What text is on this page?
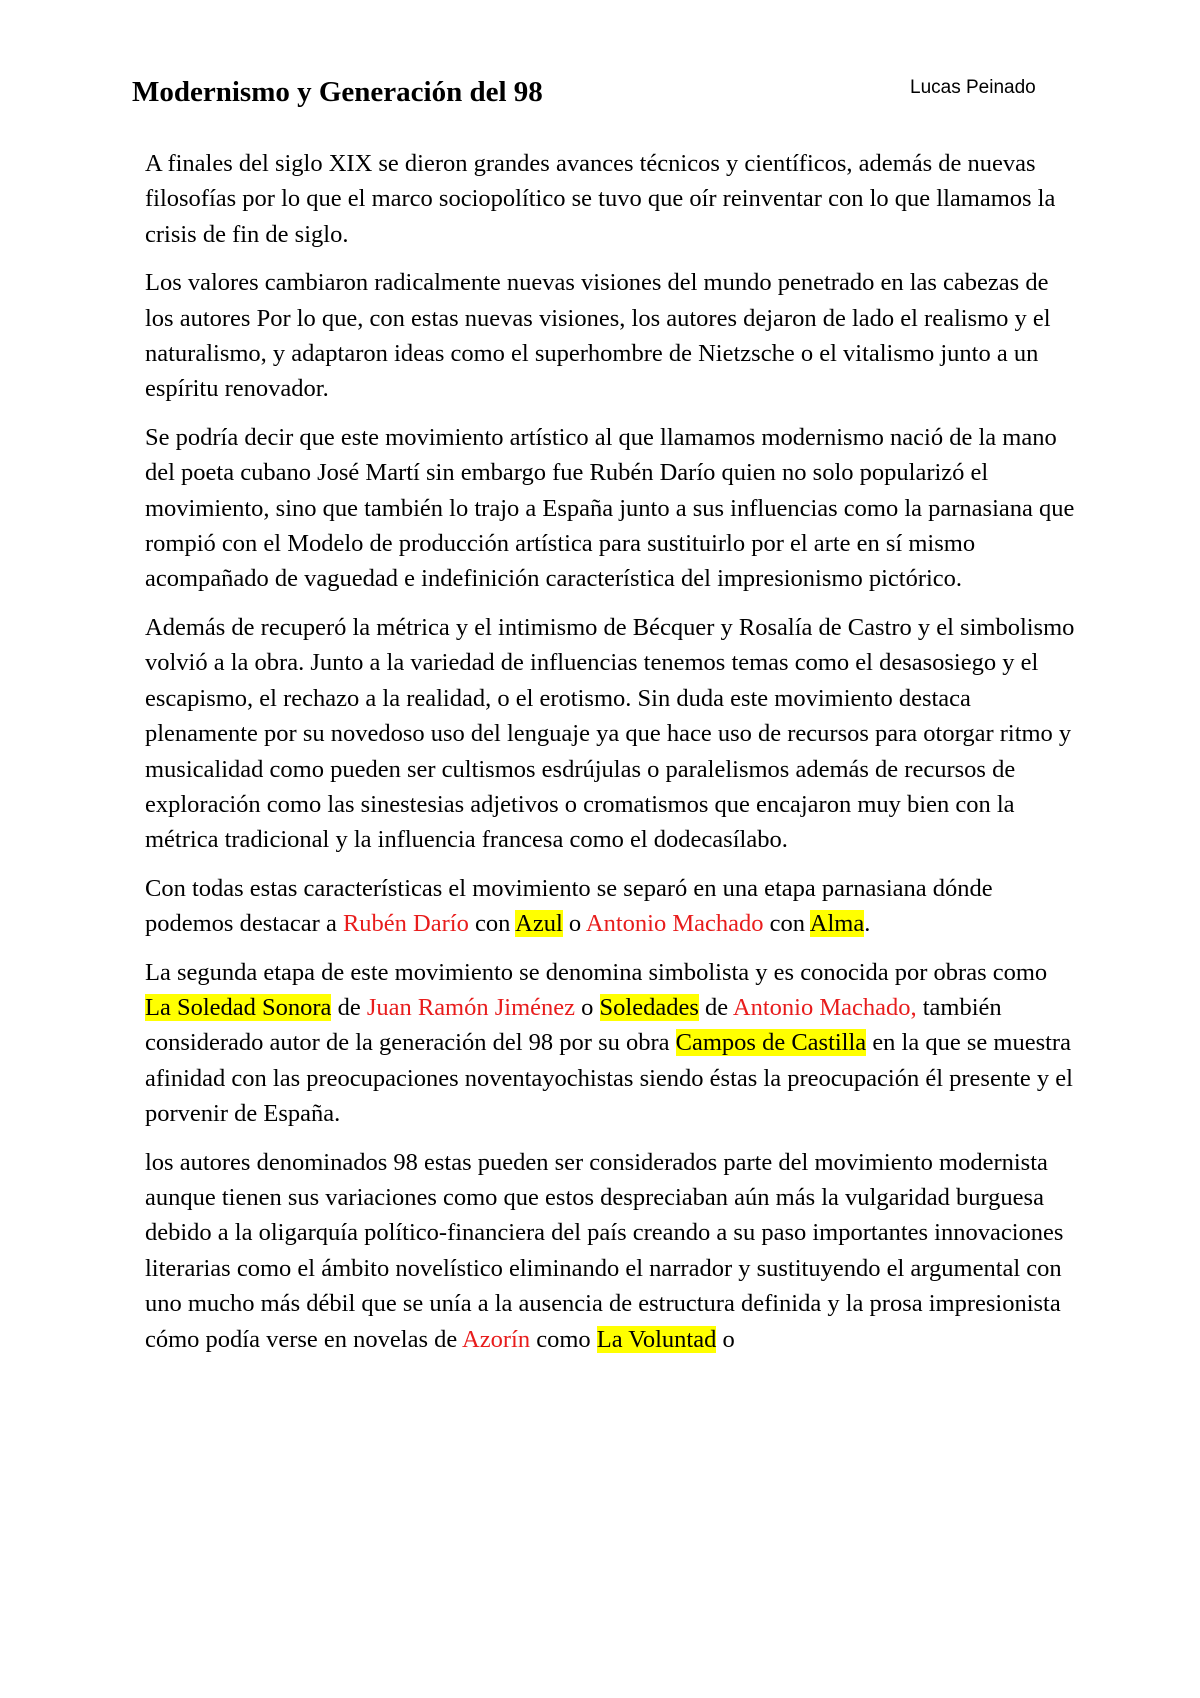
Modernismo y Generación del 98	Lucas Peinado

A finales del siglo XIX se dieron grandes avances técnicos y científicos, además de nuevas filosofías por lo que el marco sociopolítico se tuvo que oír reinventar con lo que llamamos la crisis de fin de siglo.

Los valores cambiaron radicalmente nuevas visiones del mundo penetrado en las cabezas de los autores Por lo que, con estas nuevas visiones, los autores dejaron de lado el realismo y el naturalismo, y adaptaron ideas como el superhombre de Nietzsche o el vitalismo junto a un espíritu renovador.

Se podría decir que este movimiento artístico al que llamamos modernismo nació de la mano del poeta cubano José Martí sin embargo fue Rubén Darío quien no solo popularizó el movimiento, sino que también lo trajo a España junto a sus influencias como la parnasiana que rompió con el Modelo de producción artística para sustituirlo por el arte en sí mismo acompañado de vaguedad e indefinición característica del impresionismo pictórico.

Además de recuperó la métrica y el intimismo de Bécquer y Rosalía de Castro y el simbolismo volvió a la obra. Junto a la variedad de influencias tenemos temas como el desasosiego y el escapismo, el rechazo a la realidad, o el erotismo. Sin duda este movimiento destaca plenamente por su novedoso uso del lenguaje ya que hace uso de recursos para otorgar ritmo y musicalidad como pueden ser cultismos esdrújulas o paralelismos además de recursos de exploración como las sinestesias adjetivos o cromatismos que encajaron muy bien con la métrica tradicional y la influencia francesa como el dodecasílabo.

Con todas estas características el movimiento se separó en una etapa parnasiana dónde podemos destacar a Rubén Darío con Azul o Antonio Machado con Alma.

La segunda etapa de este movimiento se denomina simbolista y es conocida por obras como La Soledad Sonora de Juan Ramón Jiménez o Soledades de Antonio Machado, también considerado autor de la generación del 98 por su obra Campos de Castilla en la que se muestra afinidad con las preocupaciones noventayochistas siendo éstas la preocupación él presente y el porvenir de España.

los autores denominados 98 estas pueden ser considerados parte del movimiento modernista aunque tienen sus variaciones como que estos despreciaban aún más la vulgaridad burguesa debido a la oligarquía político-financiera del país creando a su paso importantes innovaciones literarias como el ámbito novelístico eliminando el narrador y sustituyendo el argumental con uno mucho más débil que se unía a la ausencia de estructura definida y la prosa impresionista cómo podía verse en novelas de Azorín como La Voluntad o
